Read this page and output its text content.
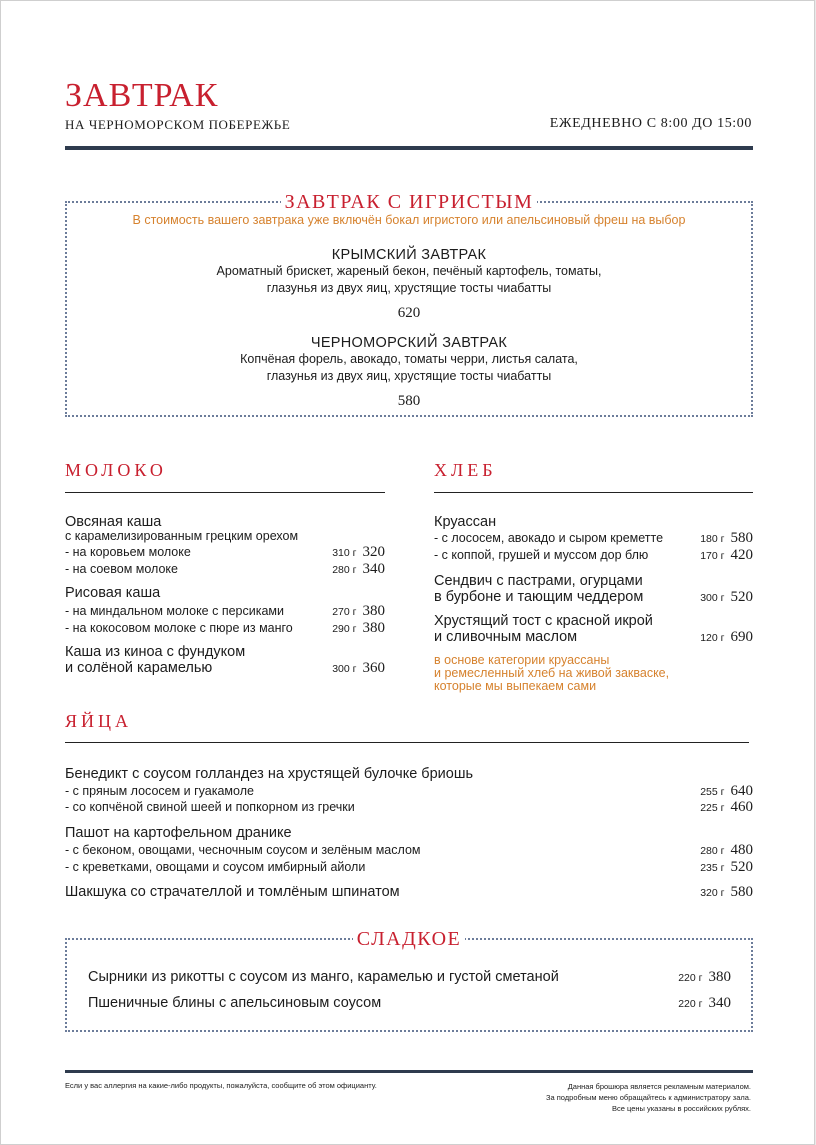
ЗАВТРАК
НА ЧЕРНОМОРСКОМ ПОБЕРЕЖЬЕ	ЕЖЕДНЕВНО С 8:00 ДО 15:00
ЗАВТРАК С ИГРИСТЫМ
В стоимость вашего завтрака уже включён бокал игристого или апельсиновый фреш на выбор
КРЫМСКИЙ ЗАВТРАК
Ароматный брискет, жареный бекон, печёный картофель, томаты,
глазунья из двух яиц, хрустящие тосты чиабатты
620
ЧЕРНОМОРСКИЙ ЗАВТРАК
Копчёная форель, авокадо, томаты черри, листья салата,
глазунья из двух яиц, хрустящие тосты чиабатты
580
МОЛОКО
Овсяная каша
с карамелизированным грецким орехом
- на коровьем молоке	310 г 320
- на соевом молоке	280 г 340
Рисовая каша
- на миндальном молоке с персиками	270 г 380
- на кокосовом молоке с пюре из манго	290 г 380
Каша из киноа с фундуком
и солёной карамелью	300 г 360
ХЛЕБ
Круассан
- с лососем, авокадо и сыром креметте	180 г 580
- с коппой, грушей и муссом дор блю	170 г 420
Сендвич с пастрами, огурцами
в бурбоне и тающим чеддером	300 г 520
Хрустящий тост с красной икрой
и сливочным маслом	120 г 690
в основе категории круассаны
и ремесленный хлеб на живой закваске,
которые мы выпекаем сами
ЯЙЦА
Бенедикт с соусом голландез на хрустящей булочке бриошь
- с пряным лососем и гуакамоле	255 г 640
- со копчёной свиной шеей и попкорном из гречки	225 г 460
Пашот на картофельном дранике
- с беконом, овощами, чесночным соусом и зелёным маслом	280 г 480
- с креветками, овощами и соусом имбирный айоли	235 г 520
Шакшука со страчателлой и томлёным шпинатом	320 г 580
СЛАДКОЕ
Сырники из рикотты с соусом из манго, карамелью и густой сметаной	220 г 380
Пшеничные блины с апельсиновым соусом	220 г 340
Если у вас аллергия на какие-либо продукты, пожалуйста, сообщите об этом официанту.	Данная брошюра является рекламным материалом.
За подробным меню обращайтесь к администратору зала.
Все цены указаны в российских рублях.
